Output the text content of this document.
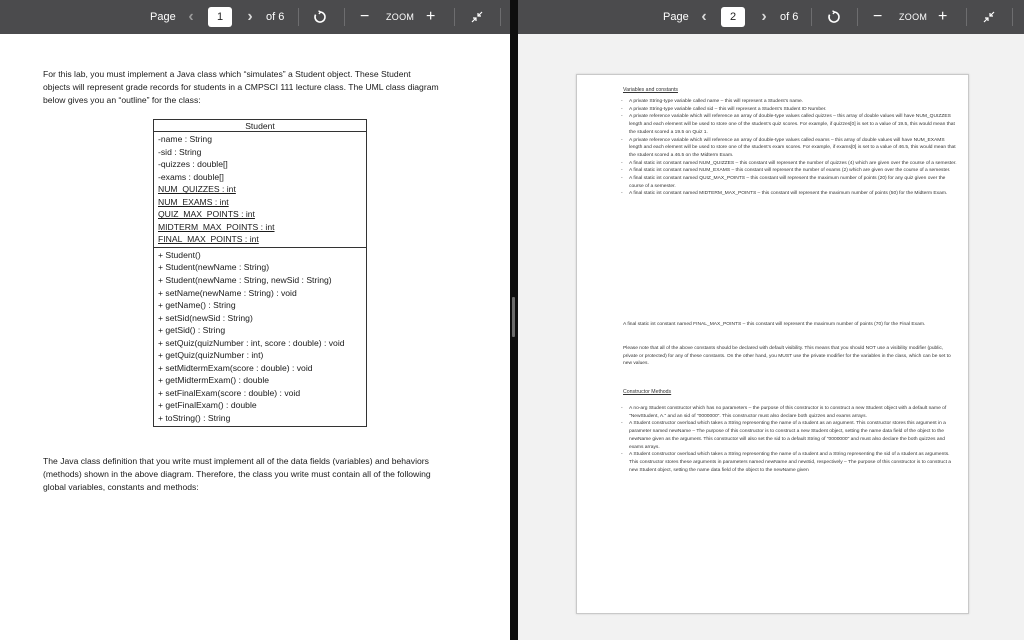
Page ‹
1	›	of 6	− ZOOM +
For this lab, you must implement a Java class which “simulates” a Student object. These Student
objects will represent grade records for students in a CMPSCI 111 lecture class. The UML class diagram
below gives you an “outline” for the class:
Student
-name : String
-sid : String
-quizzes : double[]
-exams : double[]
NUM_QUIZZES : int
NUM_EXAMS : int
QUIZ_MAX_POINTS : int
MIDTERM_MAX_POINTS : int
FINAL_MAX_POINTS : int
+ Student()
+ Student(newName : String)
+ Student(newName : String, newSid : String)
+ setName(newName : String) : void
+ getName() : String
+ setSid(newSid : String)
+ getSid() : String
+ setQuiz(quizNumber : int, score : double) : void
+ getQuiz(quizNumber : int)
+ setMidtermExam(score : double) : void
+ getMidtermExam() : double
+ setFinalExam(score : double) : void
+ getFinalExam() : double
+ toString() : String
The Java class definition that you write must implement all of the data fields (variables) and behaviors
(methods) shown in the above diagram. Therefore, the class you write must contain all of the following
global variables, constants and methods:
Page ‹
2	›	of 6	− ZOOM +
Variables and constants
- A private String-type variable called name – this will represent a Student's name.
- A private String-type variable called sid – this will represent a Student's Student ID Number.
- A private reference variable which will reference an array of double-type values called quizzes – this array of double values will have NUM_QUIZZES length and each element will be used to store one of the student's quiz scores. For example, if quizzes[0] is set to a value of 19.5, this would mean that the student scored a 19.5 on Quiz 1.
- A private reference variable which will reference an array of double-type values called exams – this array of double values will have NUM_EXAMS length and each element will be used to store one of the student's exam scores. For example, if exams[0] is set to a value of 46.5, this would mean that the student scored a 46.5 on the Midterm Exam.
- A final static int constant named NUM_QUIZZES – this constant will represent the number of quizzes (4) which are given over the course of a semester.
- A final static int constant named NUM_EXAMS – this constant will represent the number of exams (2) which are given over the course of a semester.
- A final static int constant named QUIZ_MAX_POINTS – this constant will represent the maximum number of points (20) for any quiz given over the course of a semester.
- A final static int constant named MIDTERM_MAX_POINTS – this constant will represent the maximum number of points (50) for the Midterm Exam.
A final static int constant named FINAL_MAX_POINTS – this constant will represent the maximum number of points (70) for the Final Exam.
Please note that all of the above constants should be declared with default visibility. This means that you should NOT use a visibility modifier (public, private or protected) for any of these constants. On the other hand, you MUST use the private modifier for the variables in the class, which can be set to new values.
Constructor Methods
- A no-arg Student constructor which has no parameters – the purpose of this constructor is to construct a new Student object with a default name of "NewStudent, A." and an sid of "0000000". This constructor must also declare both quizzes and exams arrays.
- A Student constructor overload which takes a String representing the name of a student as an argument. This constructor stores this argument in a parameter named newName – The purpose of this constructor is to construct a new Student object, setting the name data field of the object to the newName given as the argument. This constructor will also set the sid to a default String of "0000000" and must also declare the both quizzes and exams arrays.
- A Student constructor overload which takes a String representing the name of a student and a String representing the sid of a student as arguments. This constructor stores these arguments in parameters named newName and newSid, respectively – The purpose of this constructor is to construct a new Student object, setting the name data field of the object to the newName given
